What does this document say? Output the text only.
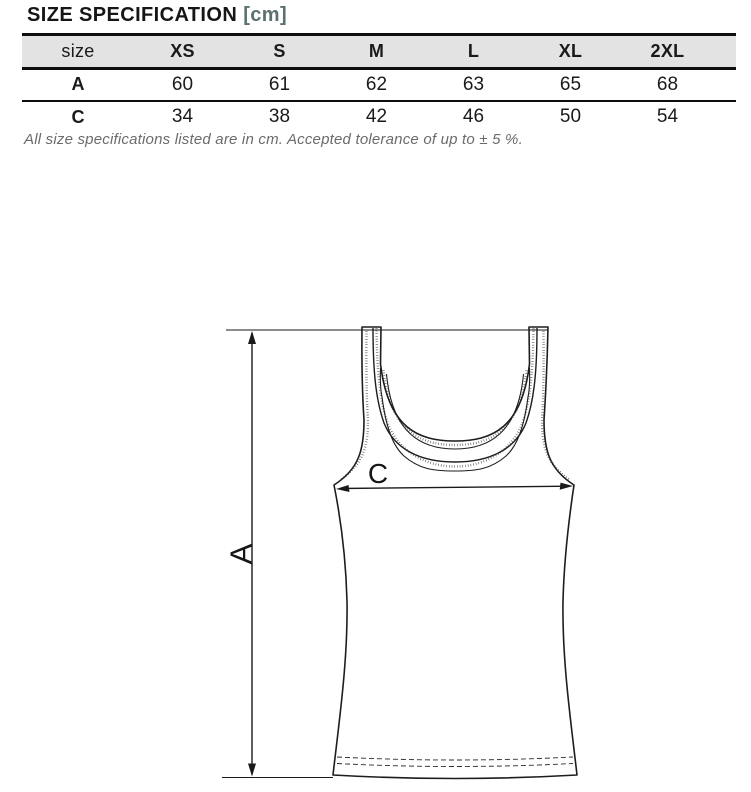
SIZE SPECIFICATION [cm]
size	XS	S	M	L	XL	2XL	
A	60	61	62	63	65	68	
C	34	38	42	46	50	54	

All size specifications listed are in cm. Accepted tolerance of up to ± 5 %.

A
C
